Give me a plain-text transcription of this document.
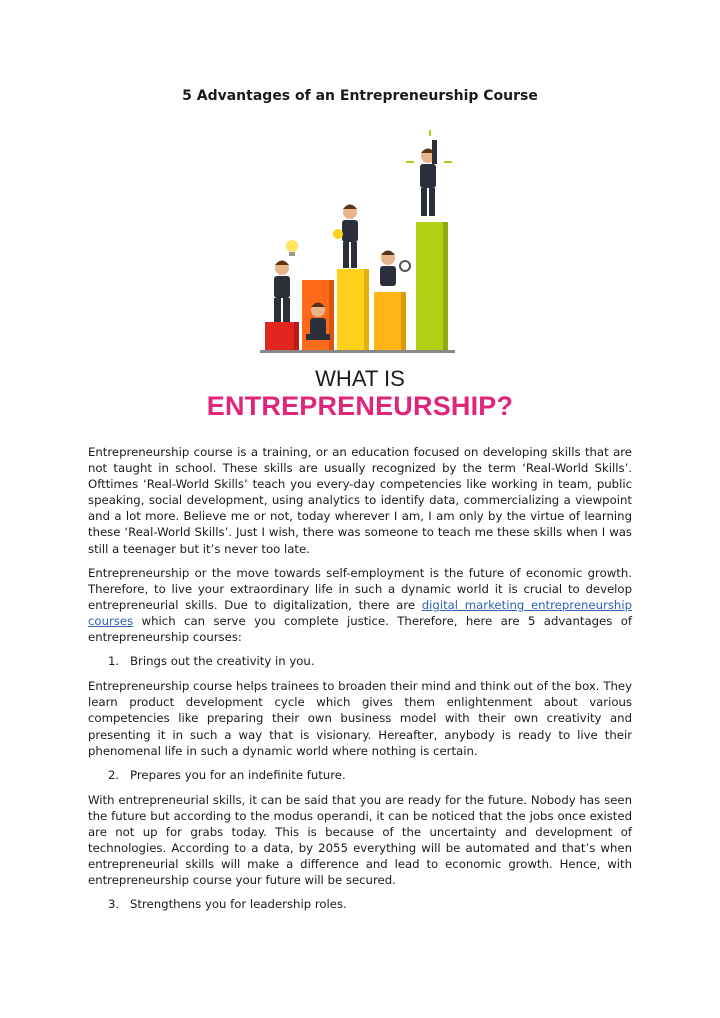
5 Advantages of an Entrepreneurship Course
WHAT IS
ENTREPRENEURSHIP?

Entrepreneurship course is a training, or an education focused on developing skills that are not taught in school. These skills are usually recognized by the term ‘Real-World Skills’. Ofttimes ‘Real-World Skills’ teach you every-day competencies like working in team, public speaking, social development, using analytics to identify data, commercializing a viewpoint and a lot more. Believe me or not, today wherever I am, I am only by the virtue of learning these ‘Real-World Skills’. Just I wish, there was someone to teach me these skills when I was still a teenager but it’s never too late.

Entrepreneurship or the move towards self-employment is the future of economic growth. Therefore, to live your extraordinary life in such a dynamic world it is crucial to develop entrepreneurial skills. Due to digitalization, there are digital marketing entrepreneurship courses which can serve you complete justice. Therefore, here are 5 advantages of entrepreneurship courses:

1. Brings out the creativity in you.

Entrepreneurship course helps trainees to broaden their mind and think out of the box. They learn product development cycle which gives them enlightenment about various competencies like preparing their own business model with their own creativity and presenting it in such a way that is visionary. Hereafter, anybody is ready to live their phenomenal life in such a dynamic world where nothing is certain.

2. Prepares you for an indefinite future.

With entrepreneurial skills, it can be said that you are ready for the future. Nobody has seen the future but according to the modus operandi, it can be noticed that the jobs once existed are not up for grabs today. This is because of the uncertainty and development of technologies. According to a data, by 2055 everything will be automated and that’s when entrepreneurial skills will make a difference and lead to economic growth. Hence, with entrepreneurship course your future will be secured.

3. Strengthens you for leadership roles.
